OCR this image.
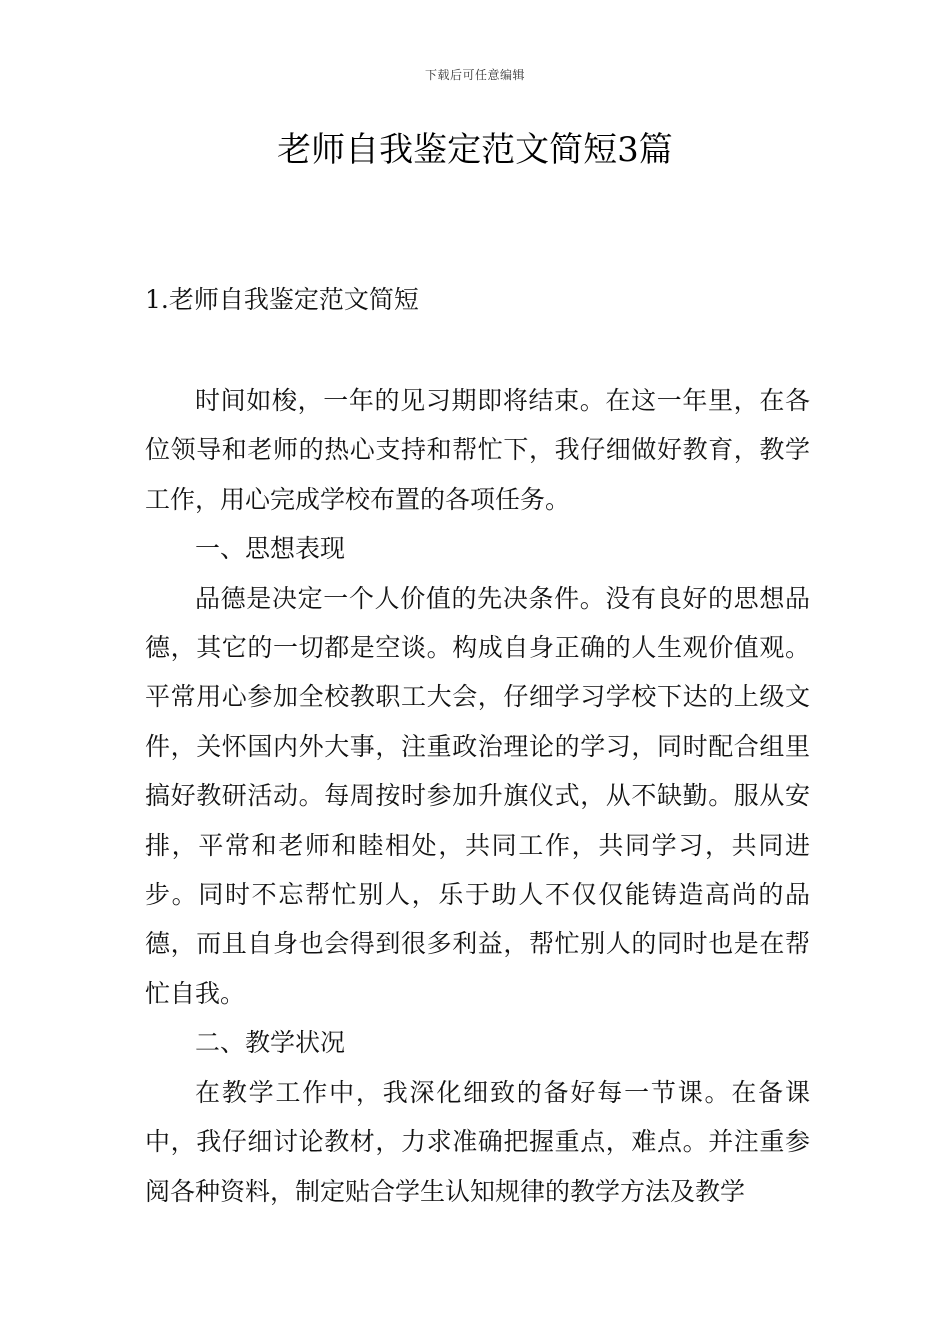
下载后可任意编辑
老师自我鉴定范文简短3篇
1.老师自我鉴定范文简短

时间如梭，一年的见习期即将结束。在这一年里，在各位领导和老师的热心支持和帮忙下，我仔细做好教育，教学工作，用心完成学校布置的各项任务。

一、思想表现

品德是决定一个人价值的先决条件。没有良好的思想品德，其它的一切都是空谈。构成自身正确的人生观价值观。平常用心参加全校教职工大会，仔细学习学校下达的上级文件，关怀国内外大事，注重政治理论的学习，同时配合组里搞好教研活动。每周按时参加升旗仪式，从不缺勤。服从安排，平常和老师和睦相处，共同工作，共同学习，共同进步。同时不忘帮忙别人，乐于助人不仅仅能铸造高尚的品德，而且自身也会得到很多利益，帮忙别人的同时也是在帮忙自我。

二、教学状况

在教学工作中，我深化细致的备好每一节课。在备课中，我仔细讨论教材，力求准确把握重点，难点。并注重参阅各种资料，制定贴合学生认知规律的教学方法及教学
